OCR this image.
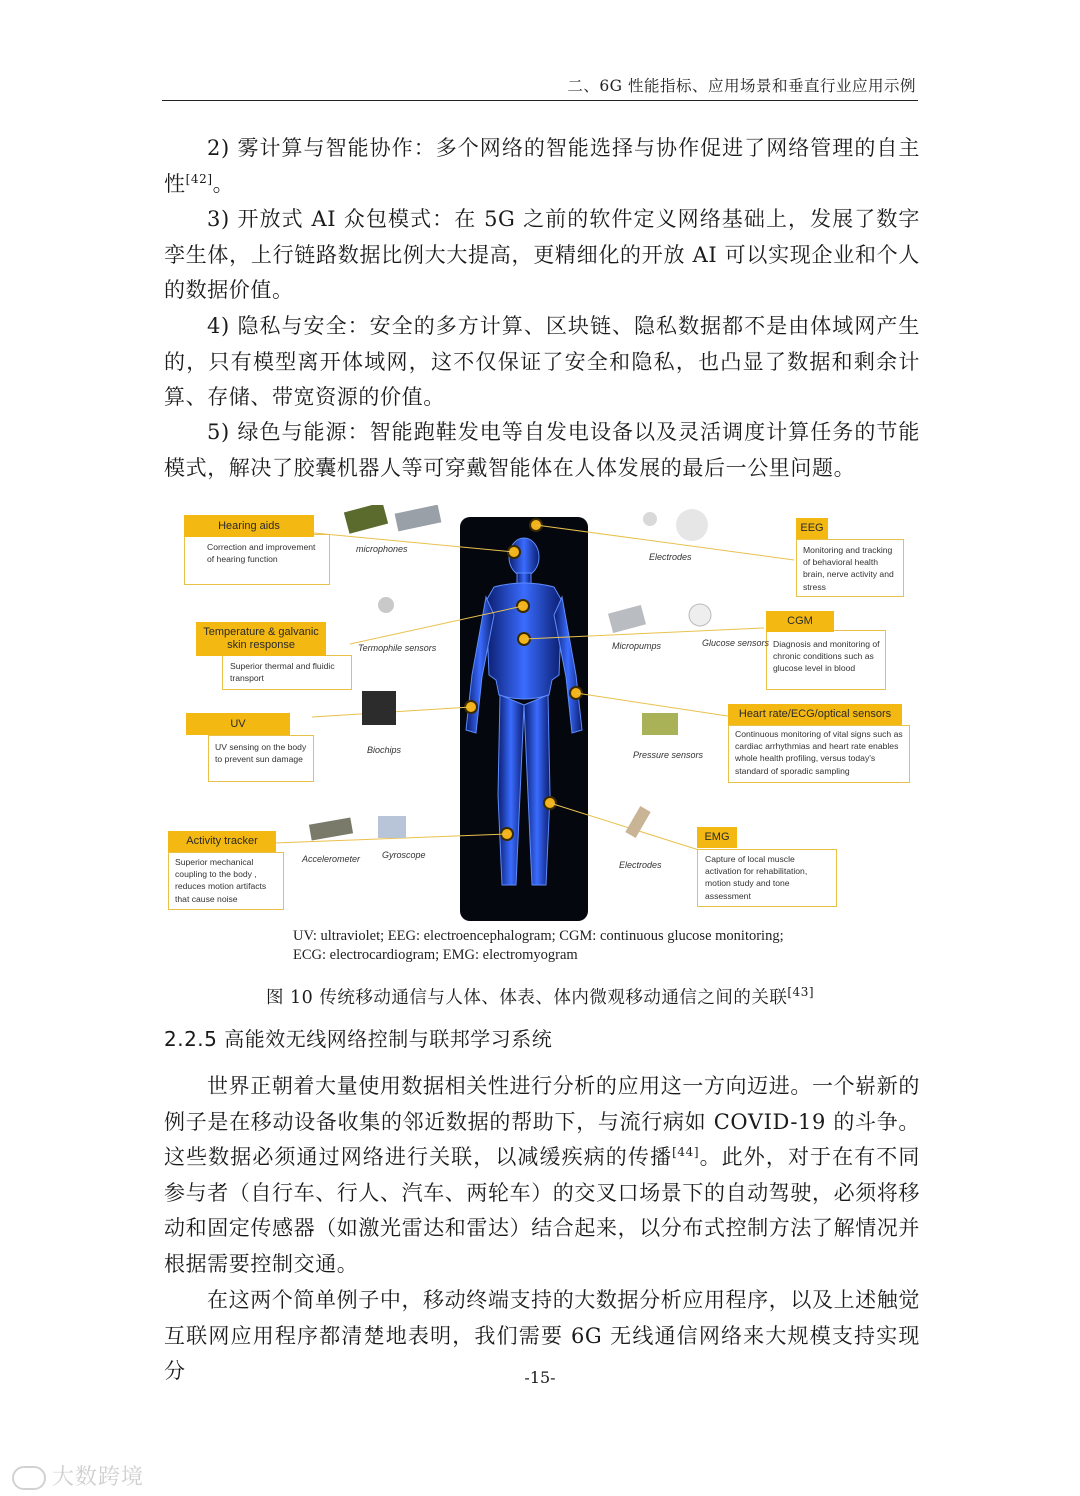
二、6G 性能指标、应用场景和垂直行业应用示例

2) 雾计算与智能协作：多个网络的智能选择与协作促进了网络管理的自主性[42]。

3) 开放式 AI 众包模式：在 5G 之前的软件定义网络基础上，发展了数字孪生体，上行链路数据比例大大提高，更精细化的开放 AI 可以实现企业和个人的数据价值。

4) 隐私与安全：安全的多方计算、区块链、隐私数据都不是由体域网产生的，只有模型离开体域网，这不仅保证了安全和隐私，也凸显了数据和剩余计算、存储、带宽资源的价值。

5) 绿色与能源：智能跑鞋发电等自发电设备以及灵活调度计算任务的节能模式，解决了胶囊机器人等可穿戴智能体在人体发展的最后一公里问题。

Hearing aids
Correction and improvement of hearing function
Temperature & galvanic skin response
Superior thermal and fluidic transport
UV
UV sensing on the body to prevent sun damage
Activity tracker
Superior mechanical coupling to the body , reduces motion artifacts that cause noise
EEG
Monitoring and tracking of behavioral health brain, nerve activity and stress
CGM
Diagnosis and monitoring of chronic conditions such as glucose level in blood
Heart rate/ECG/optical sensors
Continuous monitoring of vital signs such as cardiac arrhythmias and heart rate enables whole health profiling, versus today's standard of sporadic sampling
EMG
Capture of local muscle activation for rehabilitation, motion study and tone assessment
microphones
Termophile sensors
Biochips
Accelerometer Gyroscope
Electrodes
Micropumps	Glucose sensors
Pressure sensors
Electrodes
UV: ultraviolet; EEG: electroencephalogram; CGM: continuous glucose monitoring;
ECG: electrocardiogram; EMG: electromyogram
图 10 传统移动通信与人体、体表、体内微观移动通信之间的关联[43]
2.2.5 高能效无线网络控制与联邦学习系统

世界正朝着大量使用数据相关性进行分析的应用这一方向迈进。一个崭新的例子是在移动设备收集的邻近数据的帮助下，与流行病如 COVID-19 的斗争。这些数据必须通过网络进行关联，以减缓疾病的传播[44]。此外，对于在有不同参与者（自行车、行人、汽车、两轮车）的交叉口场景下的自动驾驶，必须将移动和固定传感器（如激光雷达和雷达）结合起来，以分布式控制方法了解情况并根据需要控制交通。

在这两个简单例子中，移动终端支持的大数据分析应用程序，以及上述触觉互联网应用程序都清楚地表明，我们需要 6G 无线通信网络来大规模支持实现分	-15-
大数跨境
